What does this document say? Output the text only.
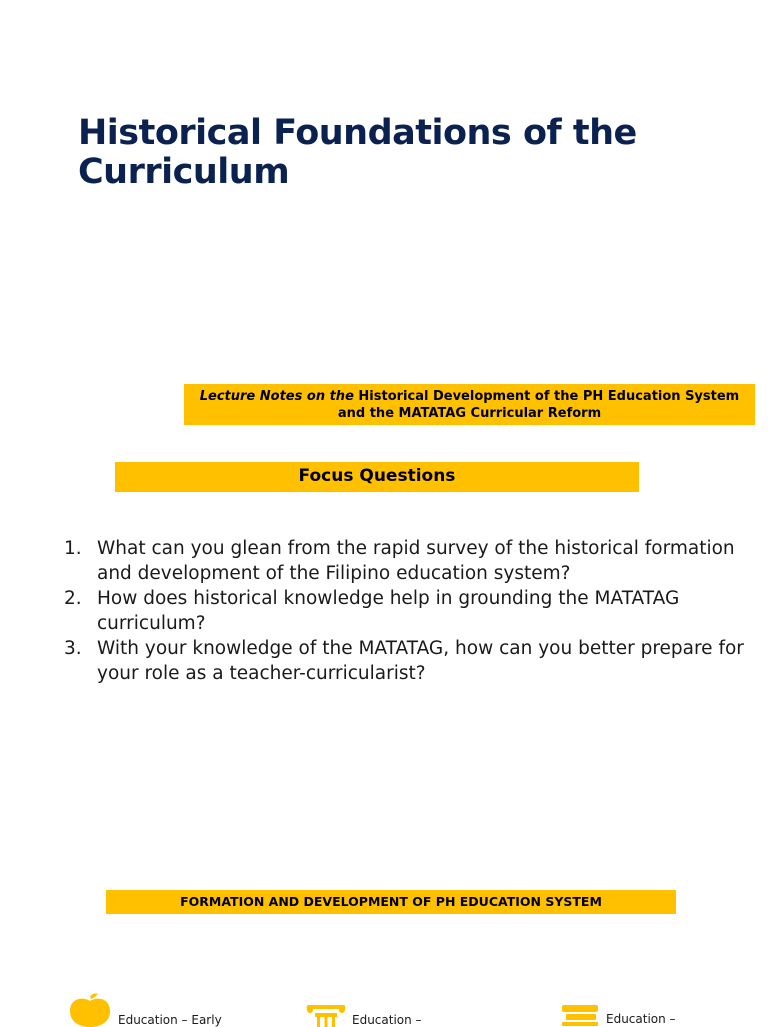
Historical Foundations of the Curriculum
Lecture Notes on the Historical Development of the PH Education System and the MATATAG Curricular Reform
Focus Questions
1. What can you glean from the rapid survey of the historical formation and development of the Filipino education system?
2. How does historical knowledge help in grounding the MATATAG curriculum?
3. With your knowledge of the MATATAG, how can you better prepare for your role as a teacher-curricularist?
FORMATION AND DEVELOPMENT OF PH EDUCATION SYSTEM
Education – Early	Education –	Education –
